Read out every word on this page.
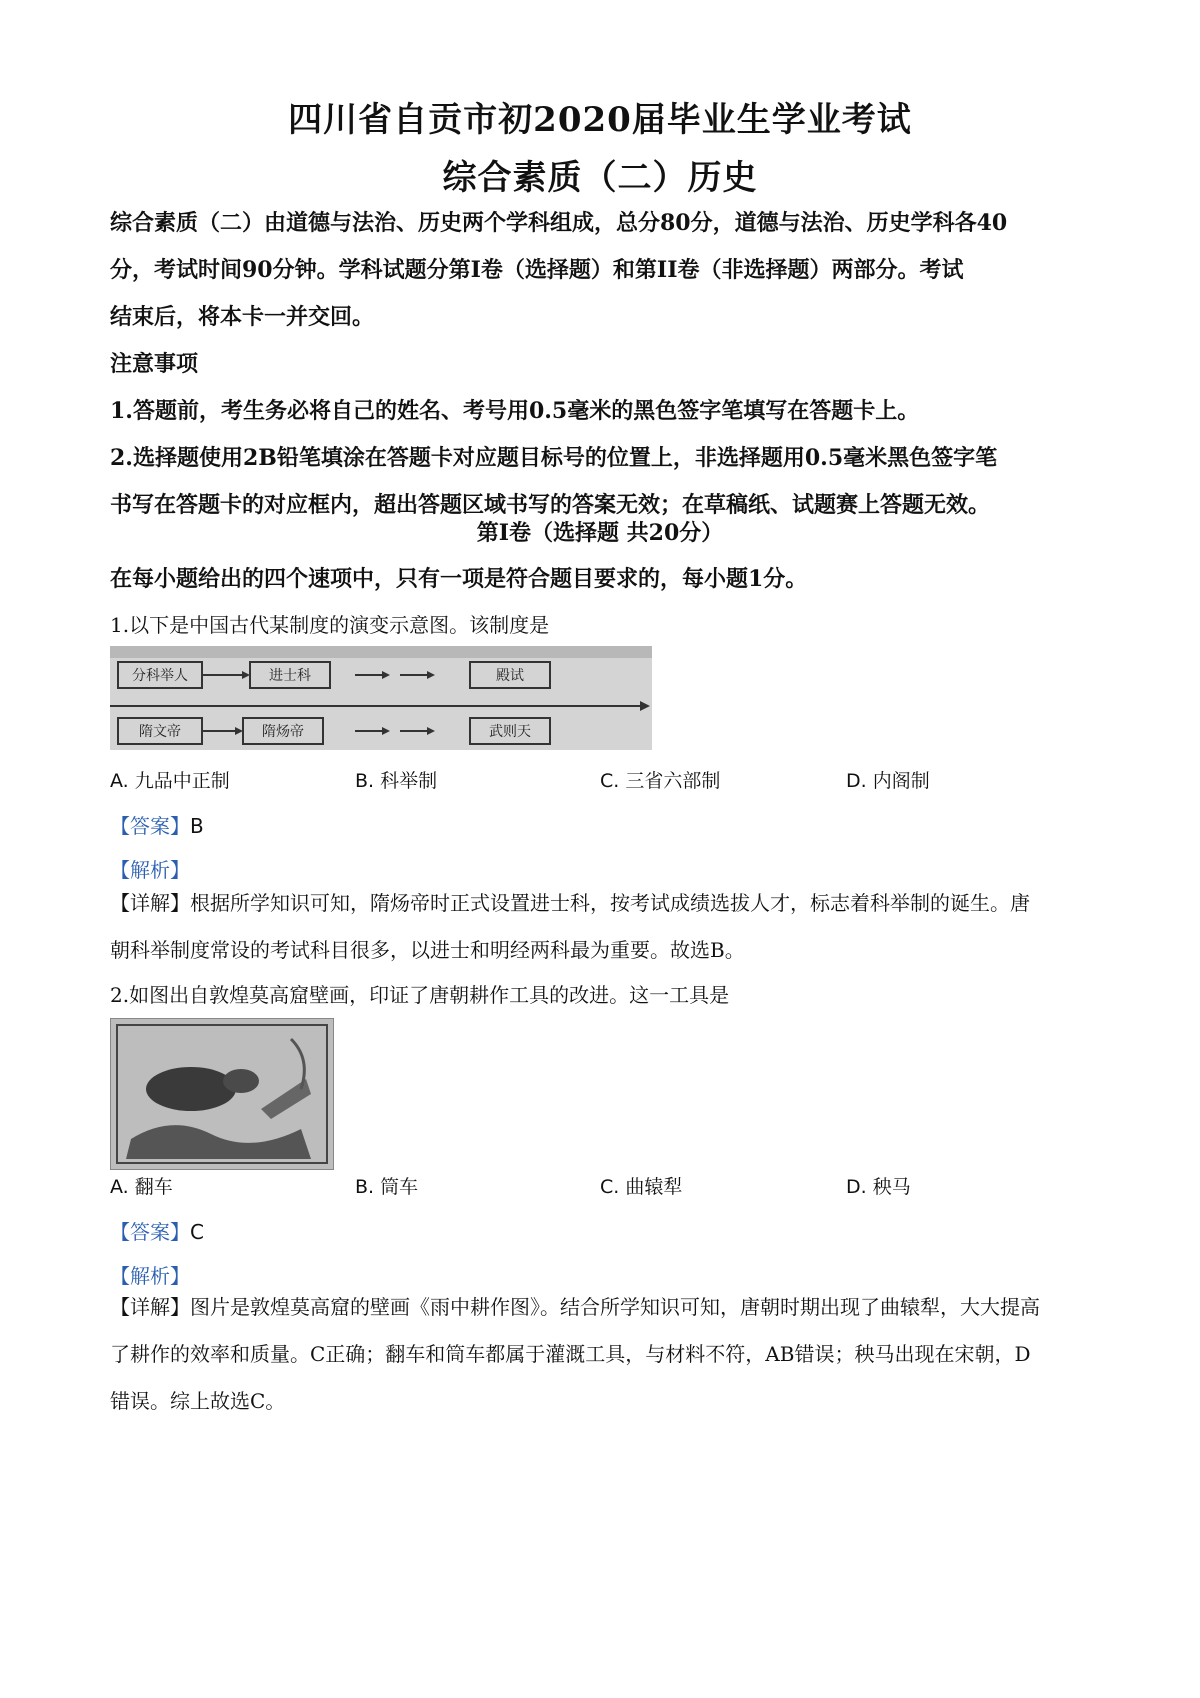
四川省自贡市初2020届毕业生学业考试
综合素质（二）历史
综合素质（二）由道德与法治、历史两个学科组成，总分80分，道德与法治、历史学科各40
分，考试时间90分钟。学科试题分第Ⅰ卷（选择题）和第II卷（非选择题）两部分。考试
结束后，将本卡一并交回。
注意事项
1.答题前，考生务必将自己的姓名、考号用0.5毫米的黑色签字笔填写在答题卡上。
2.选择题使用2B铅笔填涂在答题卡对应题目标号的位置上，非选择题用0.5毫米黑色签字笔
书写在答题卡的对应框内，超出答题区域书写的答案无效；在草稿纸、试题赛上答题无效。
第Ⅰ卷（选择题 共20分）
在每小题给出的四个速项中，只有一项是符合题目要求的，每小题1分。
1.以下是中国古代某制度的演变示意图。该制度是
分科举人	进士科	殿试
隋文帝	隋炀帝	武则天
A. 九品中正制	B. 科举制	C. 三省六部制	D. 内阁制
【答案】B
【解析】
【详解】根据所学知识可知，隋炀帝时正式设置进士科，按考试成绩选拔人才，标志着科举制的诞生。唐
朝科举制度常设的考试科目很多，以进士和明经两科最为重要。故选B。
2.如图出自敦煌莫高窟壁画，印证了唐朝耕作工具的改进。这一工具是
A. 翻车	B. 筒车	C. 曲辕犁	D. 秧马
【答案】C
【解析】
【详解】图片是敦煌莫高窟的壁画《雨中耕作图》。结合所学知识可知，唐朝时期出现了曲辕犁，大大提高
了耕作的效率和质量。C正确；翻车和筒车都属于灌溉工具，与材料不符，AB错误；秧马出现在宋朝，D
错误。综上故选C。
